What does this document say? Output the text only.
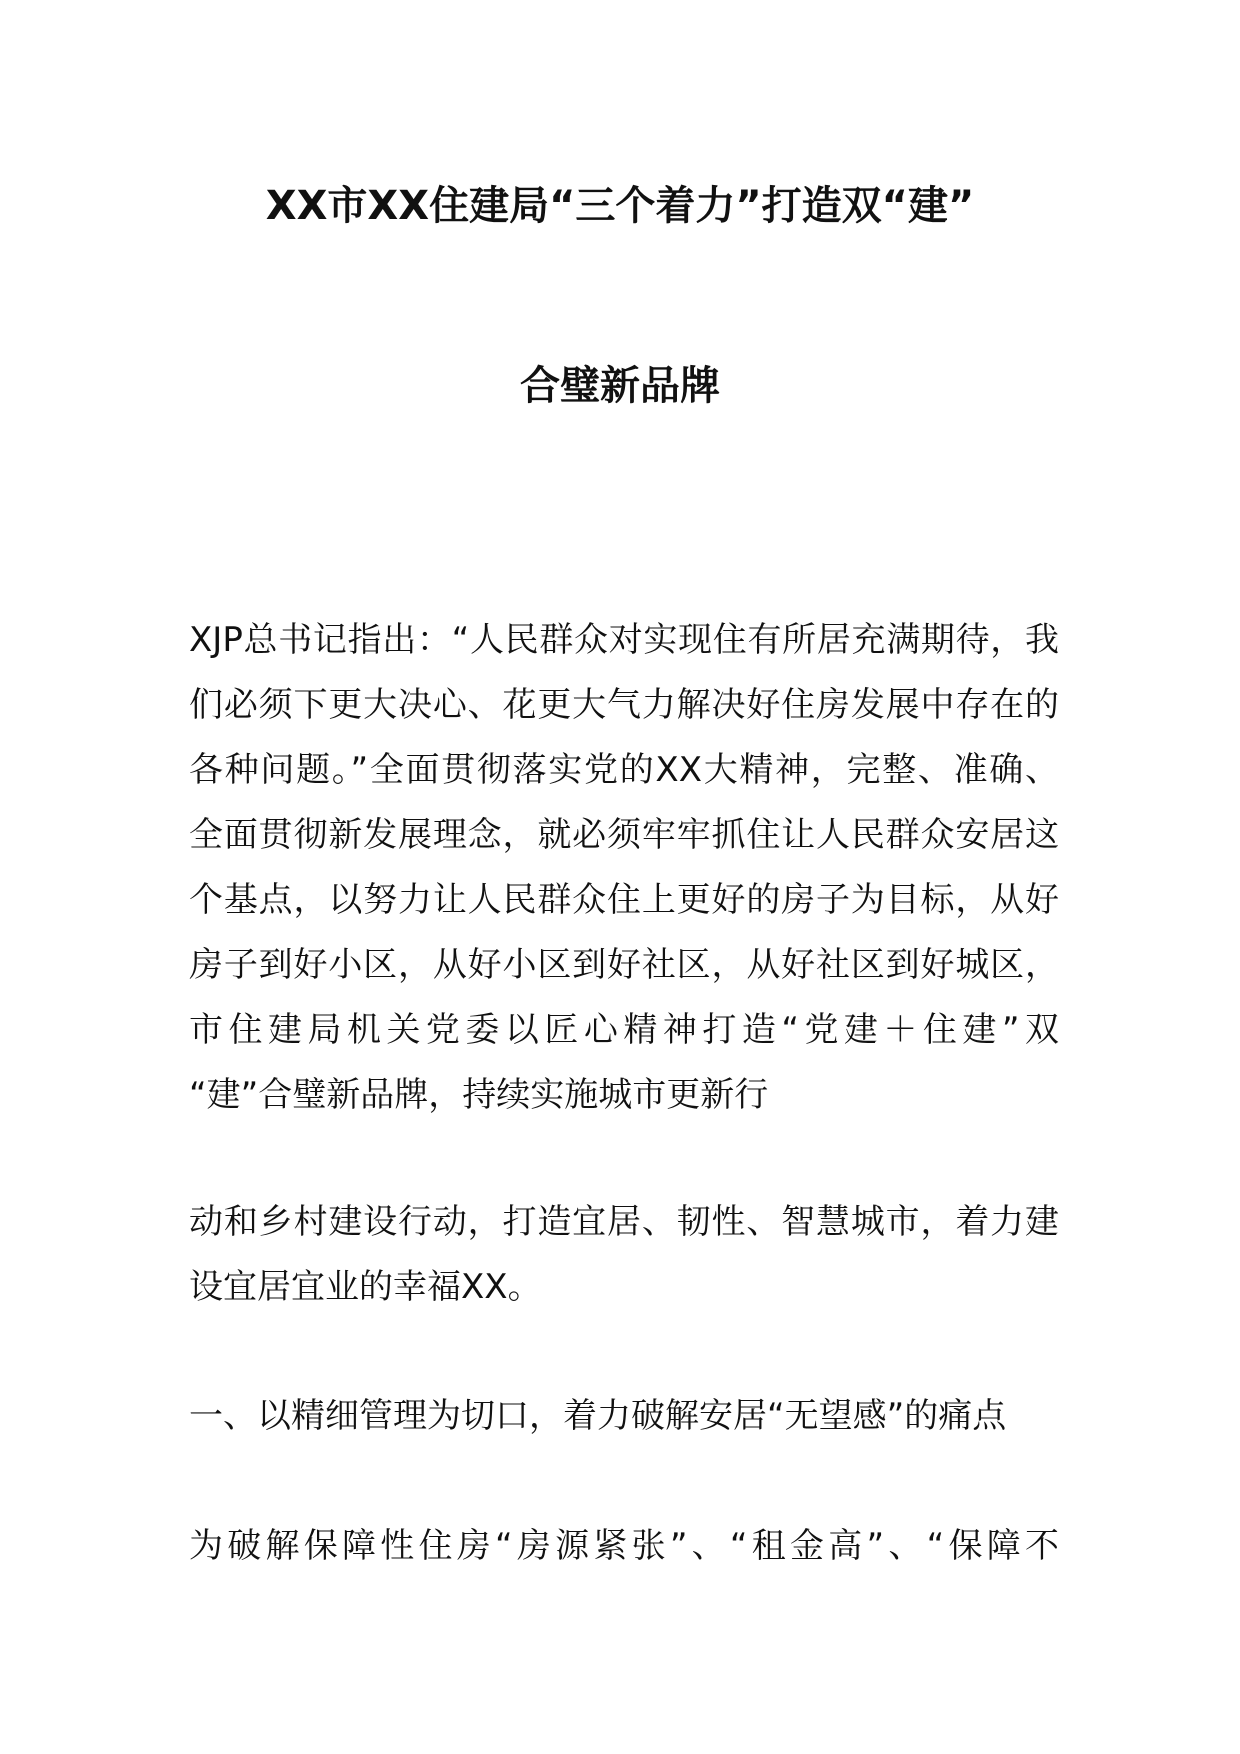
XX市XX住建局“三个着力”打造双“建”
合璧新品牌
XJP总书记指出：“人民群众对实现住有所居充满期待，我
们必须下更大决心、花更大气力解决好住房发展中存在的
各种问题。”全面贯彻落实党的XX大精神，完整、准确、
全面贯彻新发展理念，就必须牢牢抓住让人民群众安居这
个基点，以努力让人民群众住上更好的房子为目标，从好
房子到好小区，从好小区到好社区，从好社区到好城区，
市住建局机关党委以匠心精神打造“党建＋住建”双
“建”合璧新品牌，持续实施城市更新行
动和乡村建设行动，打造宜居、韧性、智慧城市，着力建
设宜居宜业的幸福XX。
一、以精细管理为切口，着力破解安居“无望感”的痛点
为破解保障性住房“房源紧张”、“租金高”、“保障不
